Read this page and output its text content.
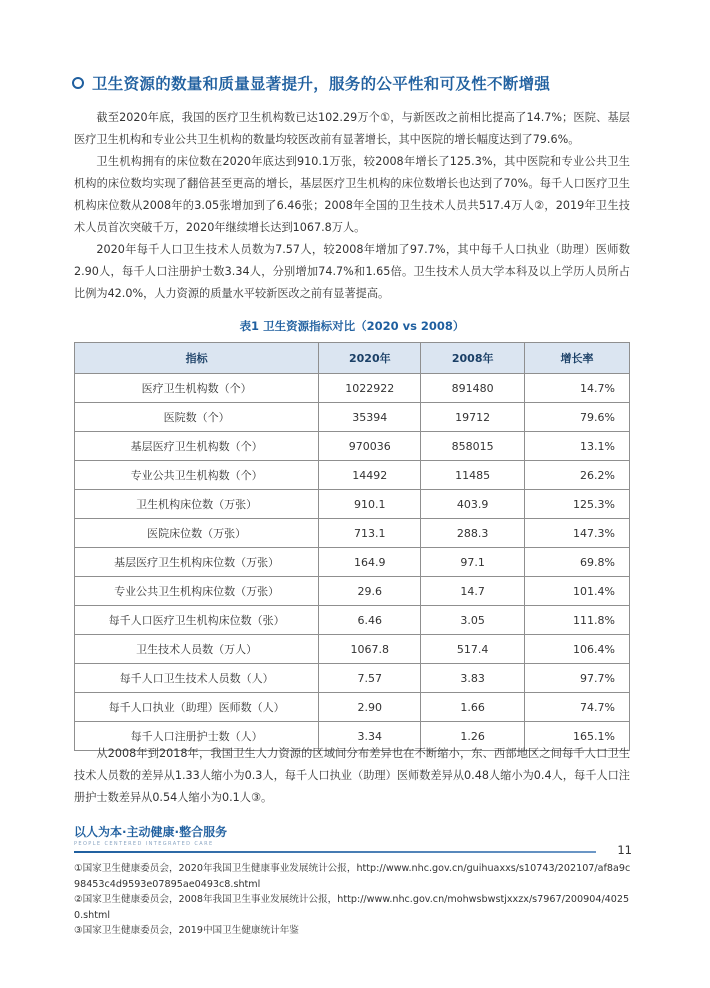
卫生资源的数量和质量显著提升，服务的公平性和可及性不断增强

截至2020年底，我国的医疗卫生机构数已达102.29万个①，与新医改之前相比提高了14.7%；医院、基层医疗卫生机构和专业公共卫生机构的数量均较医改前有显著增长，其中医院的增长幅度达到了79.6%。

卫生机构拥有的床位数在2020年底达到910.1万张，较2008年增长了125.3%，其中医院和专业公共卫生机构的床位数均实现了翻倍甚至更高的增长，基层医疗卫生机构的床位数增长也达到了70%。每千人口医疗卫生机构床位数从2008年的3.05张增加到了6.46张；2008年全国的卫生技术人员共517.4万人②，2019年卫生技术人员首次突破千万，2020年继续增长达到1067.8万人。

2020年每千人口卫生技术人员数为7.57人，较2008年增加了97.7%，其中每千人口执业（助理）医师数2.90人，每千人口注册护士数3.34人，分别增加74.7%和1.65倍。卫生技术人员大学本科及以上学历人员所占比例为42.0%，人力资源的质量水平较新医改之前有显著提高。

表1 卫生资源指标对比（2020 vs 2008）
指标	2020年	2008年	增长率
医疗卫生机构数（个）	1022922	891480	14.7%
医院数（个）	35394	19712	79.6%
基层医疗卫生机构数（个）	970036	858015	13.1%
专业公共卫生机构数（个）	14492	11485	26.2%
卫生机构床位数（万张）	910.1	403.9	125.3%
医院床位数（万张）	713.1	288.3	147.3%
基层医疗卫生机构床位数（万张）	164.9	97.1	69.8%
专业公共卫生机构床位数（万张）	29.6	14.7	101.4%
每千人口医疗卫生机构床位数（张）	6.46	3.05	111.8%
卫生技术人员数（万人）	1067.8	517.4	106.4%
每千人口卫生技术人员数（人）	7.57	3.83	97.7%
每千人口执业（助理）医师数（人）	2.90	1.66	74.7%
每千人口注册护士数（人）	3.34	1.26	165.1%

从2008年到2018年，我国卫生人力资源的区域间分布差异也在不断缩小，东、西部地区之间每千人口卫生技术人员数的差异从1.33人缩小为0.3人，每千人口执业（助理）医师数差异从0.48人缩小为0.4人，每千人口注册护士数差异从0.54人缩小为0.1人③。

以人为本·主动健康·整合服务
PEOPLE CENTERED INTEGRATED CARE	11
①国家卫生健康委员会，2020年我国卫生健康事业发展统计公报，http://www.nhc.gov.cn/guihuaxxs/s10743/202107/af8a9c98453c4d9593e07895ae0493c8.shtml
②国家卫生健康委员会，2008年我国卫生事业发展统计公报，http://www.nhc.gov.cn/mohwsbwstjxxzx/s7967/200904/40250.shtml
③国家卫生健康委员会，2019中国卫生健康统计年鉴
